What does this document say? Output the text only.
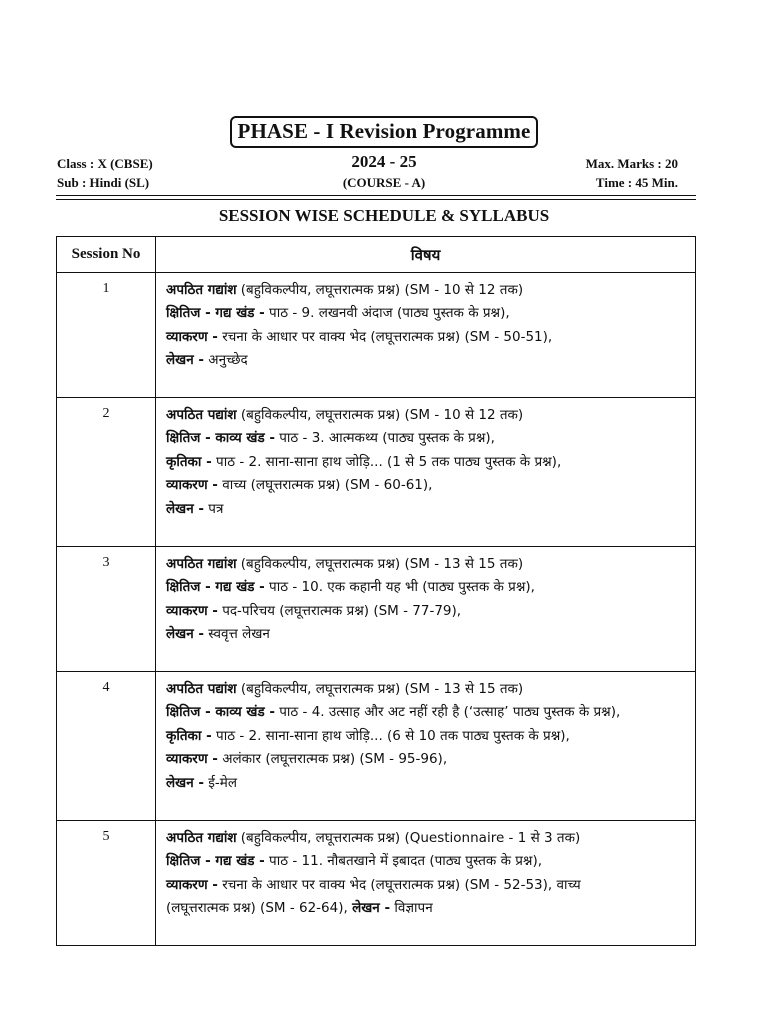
PHASE - I Revision Programme
Class : X (CBSE)	2024 - 25	Max. Marks : 20
Sub : Hindi (SL)	(COURSE - A)	Time : 45 Min.
SESSION WISE SCHEDULE & SYLLABUS
Session No	विषय
1	अपठित गद्यांश (बहुविकल्पीय, लघूत्तरात्मक प्रश्न) (SM - 10 से 12 तक)
क्षितिज - गद्य खंड - पाठ - 9. लखनवी अंदाज (पाठ्य पुस्तक के प्रश्न),
व्याकरण - रचना के आधार पर वाक्य भेद (लघूत्तरात्मक प्रश्न) (SM - 50-51),
लेखन - अनुच्छेद

2	अपठित पद्यांश (बहुविकल्पीय, लघूत्तरात्मक प्रश्न) (SM - 10 से 12 तक)
क्षितिज - काव्य खंड - पाठ - 3. आत्मकथ्य (पाठ्य पुस्तक के प्रश्न),
कृतिका - पाठ - 2. साना-साना हाथ जोड़ि... (1 से 5 तक पाठ्य पुस्तक के प्रश्न),
व्याकरण - वाच्य (लघूत्तरात्मक प्रश्न) (SM - 60-61),
लेखन - पत्र

3	अपठित गद्यांश (बहुविकल्पीय, लघूत्तरात्मक प्रश्न) (SM - 13 से 15 तक)
क्षितिज - गद्य खंड - पाठ - 10. एक कहानी यह भी (पाठ्य पुस्तक के प्रश्न),
व्याकरण - पद-परिचय (लघूत्तरात्मक प्रश्न) (SM - 77-79),
लेखन - स्ववृत्त लेखन

4	अपठित पद्यांश (बहुविकल्पीय, लघूत्तरात्मक प्रश्न) (SM - 13 से 15 तक)
क्षितिज - काव्य खंड - पाठ - 4. उत्साह और अट नहीं रही है (‘उत्साह’ पाठ्य पुस्तक के प्रश्न),
कृतिका - पाठ - 2. साना-साना हाथ जोड़ि... (6 से 10 तक पाठ्य पुस्तक के प्रश्न),
व्याकरण - अलंकार (लघूत्तरात्मक प्रश्न) (SM - 95-96),
लेखन - ई-मेल

5	अपठित गद्यांश (बहुविकल्पीय, लघूत्तरात्मक प्रश्न) (Questionnaire - 1 से 3 तक)
क्षितिज - गद्य खंड - पाठ - 11. नौबतखाने में इबादत (पाठ्य पुस्तक के प्रश्न),
व्याकरण - रचना के आधार पर वाक्य भेद (लघूत्तरात्मक प्रश्न) (SM - 52-53), वाच्य
(लघूत्तरात्मक प्रश्न) (SM - 62-64), लेखन - विज्ञापन
